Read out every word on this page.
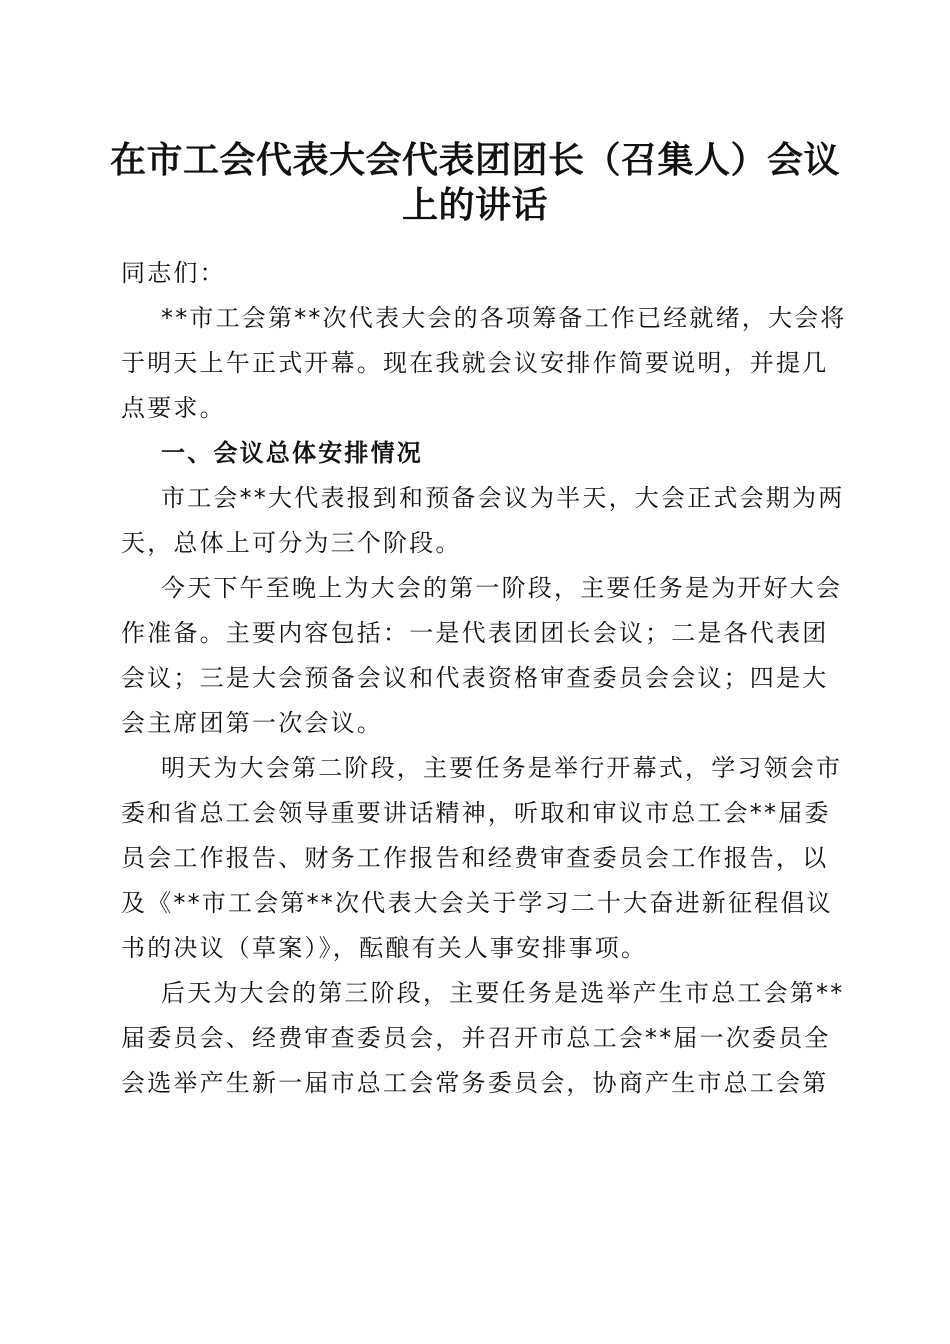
在市工会代表大会代表团团长（召集人）会议
上的讲话

同志们：

**市工会第**次代表大会的各项筹备工作已经就绪，大会将
于明天上午正式开幕。现在我就会议安排作简要说明，并提几
点要求。

一、会议总体安排情况

市工会**大代表报到和预备会议为半天，大会正式会期为两
天，总体上可分为三个阶段。

今天下午至晚上为大会的第一阶段，主要任务是为开好大会
作准备。主要内容包括：一是代表团团长会议；二是各代表团
会议；三是大会预备会议和代表资格审查委员会会议；四是大
会主席团第一次会议。

明天为大会第二阶段，主要任务是举行开幕式，学习领会市
委和省总工会领导重要讲话精神，听取和审议市总工会**届委
员会工作报告、财务工作报告和经费审查委员会工作报告，以
及《**市工会第**次代表大会关于学习二十大奋进新征程倡议
书的决议（草案）》，酝酿有关人事安排事项。

后天为大会的第三阶段，主要任务是选举产生市总工会第**
届委员会、经费审查委员会，并召开市总工会**届一次委员全
会选举产生新一届市总工会常务委员会，协商产生市总工会第
